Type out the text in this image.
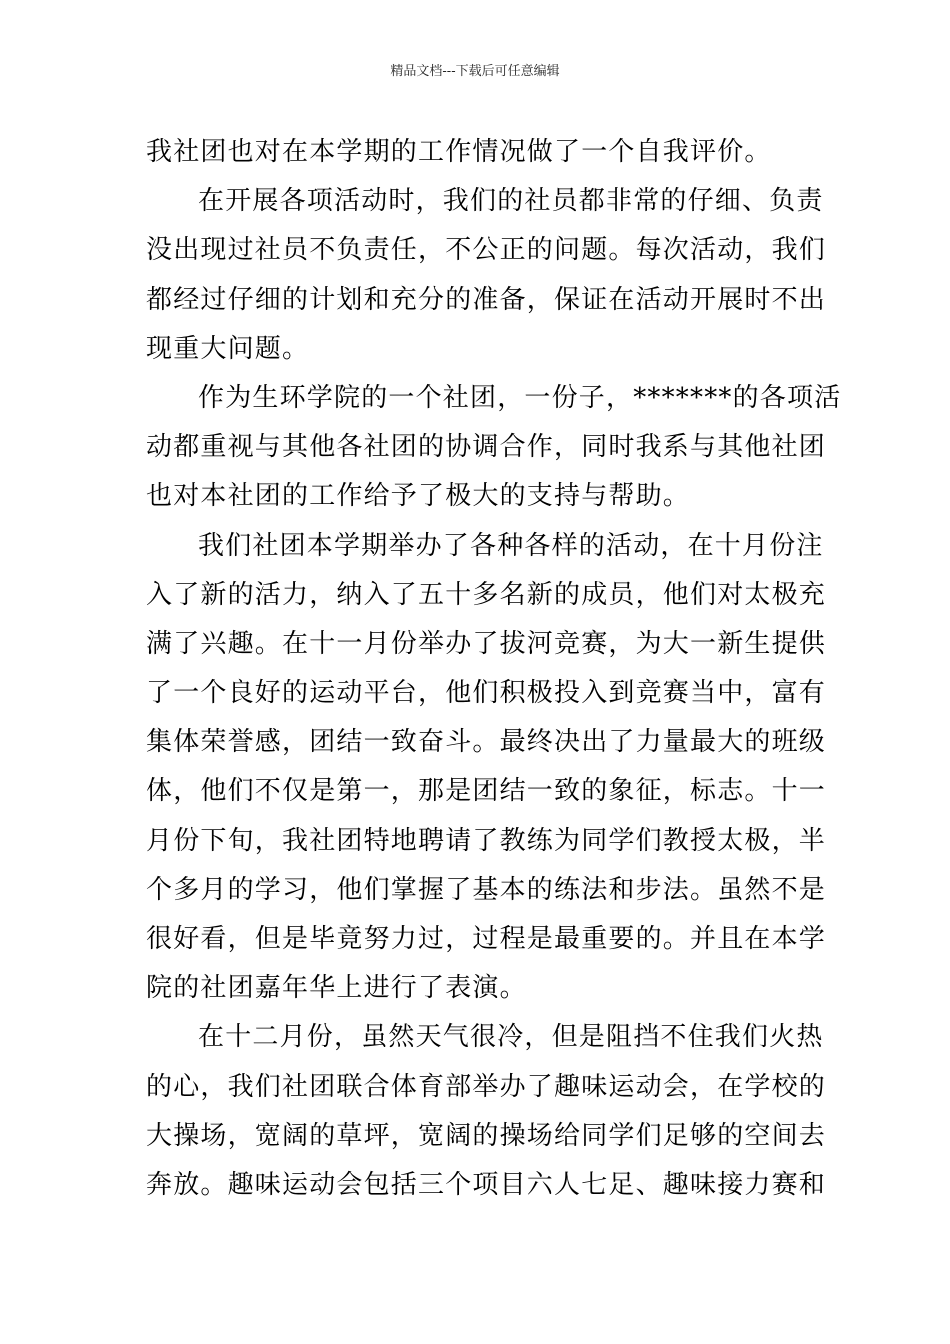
精品文档---下载后可任意编辑
我社团也对在本学期的工作情况做了一个自我评价。
在开展各项活动时，我们的社员都非常的仔细、负责
没出现过社员不负责任，不公正的问题。每次活动，我们
都经过仔细的计划和充分的准备，保证在活动开展时不出
现重大问题。
作为生环学院的一个社团，一份子，*******的各项活
动都重视与其他各社团的协调合作，同时我系与其他社团
也对本社团的工作给予了极大的支持与帮助。
我们社团本学期举办了各种各样的活动，在十月份注
入了新的活力，纳入了五十多名新的成员，他们对太极充
满了兴趣。在十一月份举办了拔河竞赛，为大一新生提供
了一个良好的运动平台，他们积极投入到竞赛当中，富有
集体荣誉感，团结一致奋斗。最终决出了力量最大的班级
体，他们不仅是第一，那是团结一致的象征，标志。十一
月份下旬，我社团特地聘请了教练为同学们教授太极，半
个多月的学习，他们掌握了基本的练法和步法。虽然不是
很好看，但是毕竟努力过，过程是最重要的。并且在本学
院的社团嘉年华上进行了表演。
在十二月份，虽然天气很冷，但是阻挡不住我们火热
的心，我们社团联合体育部举办了趣味运动会，在学校的
大操场，宽阔的草坪，宽阔的操场给同学们足够的空间去
奔放。趣味运动会包括三个项目六人七足、趣味接力赛和
